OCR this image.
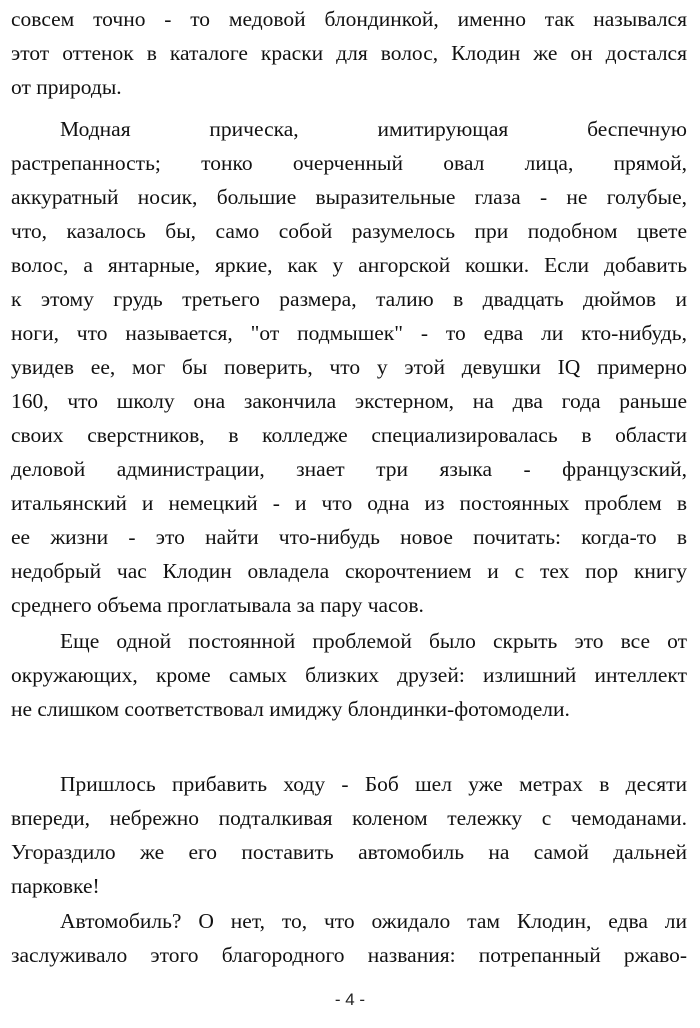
совсем точно - то медовой блондинкой, именно так назывался
этот оттенок в каталоге краски для волос, Клодин же он достался
от природы.
Модная прическа, имитирующая беспечную
растрепанность; тонко очерченный овал лица, прямой,
аккуратный носик, большие выразительные глаза - не голубые,
что, казалось бы, само собой разумелось при подобном цвете
волос, а янтарные, яркие, как у ангорской кошки. Если добавить
к этому грудь третьего размера, талию в двадцать дюймов и
ноги, что называется, "от подмышек" - то едва ли кто-нибудь,
увидев ее, мог бы поверить, что у этой девушки IQ примерно
160, что школу она закончила экстерном, на два года раньше
своих сверстников, в колледже специализировалась в области
деловой администрации, знает три языка - французский,
итальянский и немецкий - и что одна из постоянных проблем в
ее жизни - это найти что-нибудь новое почитать: когда-то в
недобрый час Клодин овладела скорочтением и с тех пор книгу
среднего объема проглатывала за пару часов.
Еще одной постоянной проблемой было скрыть это все от
окружающих, кроме самых близких друзей: излишний интеллект
не слишком соответствовал имиджу блондинки-фотомодели.
Пришлось прибавить ходу - Боб шел уже метрах в десяти
впереди, небрежно подталкивая коленом тележку с чемоданами.
Угораздило же его поставить автомобиль на самой дальней
парковке!
Автомобиль? О нет, то, что ожидало там Клодин, едва ли
заслуживало этого благородного названия: потрепанный ржаво-
- 4 -
